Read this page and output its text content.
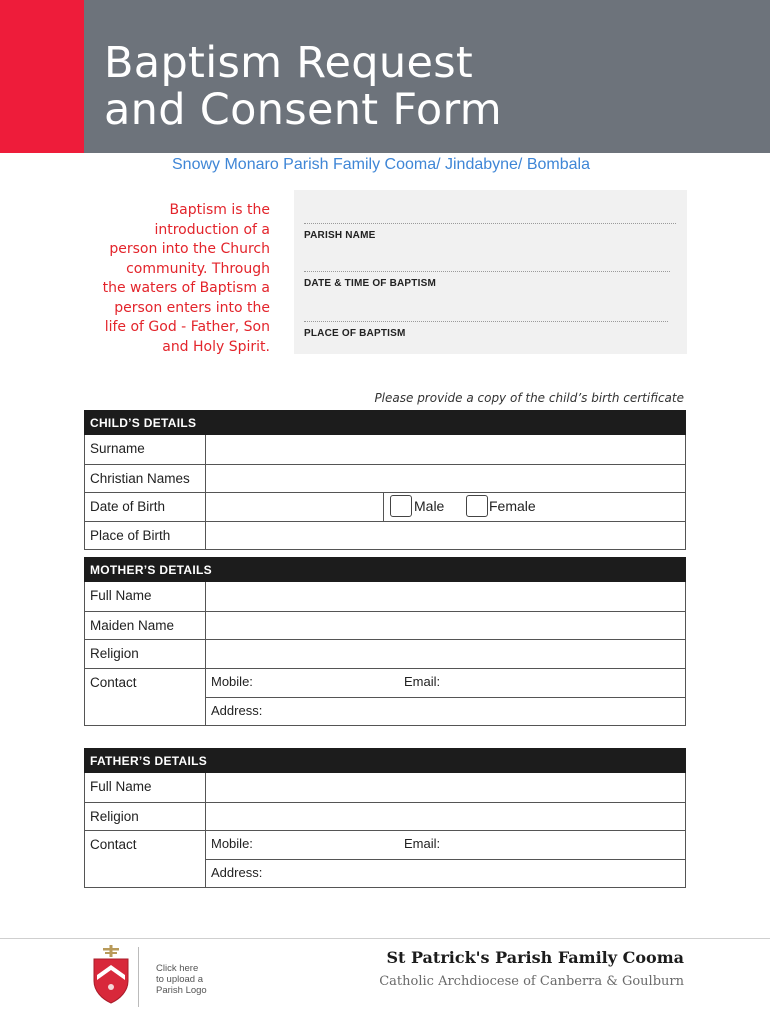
Baptism Request
and Consent Form
Snowy Monaro Parish Family Cooma/ Jindabyne/ Bombala
Baptism is the
introduction of a
person into the Church
community. Through
the waters of Baptism a
person enters into the
life of God - Father, Son
and Holy Spirit.
PARISH NAME
DATE & TIME OF BAPTISM
PLACE OF BAPTISM
Please provide a copy of the child’s birth certificate
CHILD’S DETAILS
Surname
Christian Names
Date of Birth	Male	Female
Place of Birth
MOTHER’S DETAILS
Full Name
Maiden Name
Religion
Contact	Mobile:	Email:
Address:
FATHER’S DETAILS
Full Name
Religion
Contact	Mobile:	Email:
Address:
Click here
to upload a
Parish Logo
St Patrick's Parish Family Cooma
Catholic Archdiocese of Canberra & Goulburn
